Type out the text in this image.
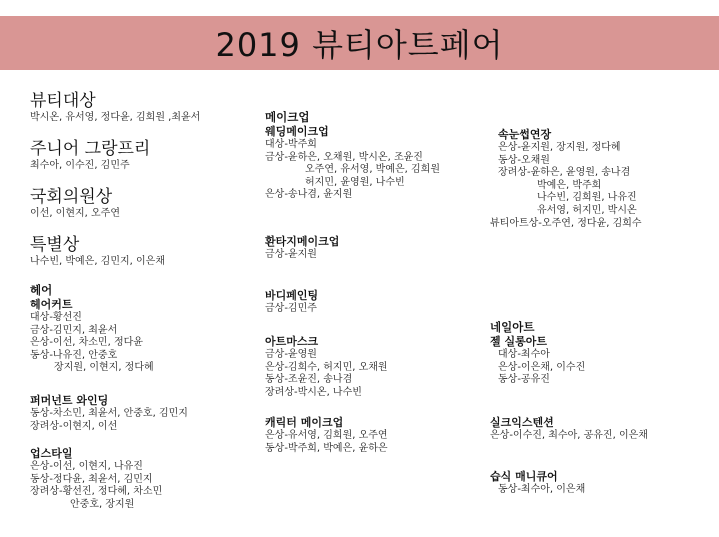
2019 뷰티아트페어
뷰티대상
박시온, 유서영, 정다윤, 김희원 ,최윤서
주니어 그랑프리
최수아, 이수진, 김민주
국회의원상
이선, 이현지, 오주연
특별상
나수빈, 박예은, 김민지, 이은채
헤어
헤어커트
대상-황선진
금상-김민지, 최윤서
은상-이선, 차소민, 정다윤
동상-나유진, 안중호
장지원, 이현지, 정다혜
퍼머넌트 와인딩
동상-차소민, 최윤서, 안중호, 김민지
장려상-이현지, 이선
업스타일
은상-이선, 이현지, 나유진
동상-정다윤, 최윤서, 김민지
장려상-황선진, 정다혜, 차소민
안중호, 장지원
메이크업
웨딩메이크업
대상-박주희
금상-윤하은, 오채원, 박시온, 조윤진
오주연, 유서영, 박예은, 김희원
허지민, 윤영원, 나수빈
은상-송나겸, 윤지원
환타지메이크업
금상-윤지원
바디페인팅
금상-김민주
아트마스크
금상-윤영원
은상-김희수, 허지민, 오채원
동상-조윤진, 송나겸
장려상-박시온, 나수빈
캐릭터 메이크업
은상-유서영, 김희원, 오주연
동상-박주희, 박예은, 윤하은
속눈썹연장
은상-윤지원, 장지원, 정다혜
동상-오채원
장려상-윤하은, 윤영원, 송나겸
박예은, 박주희
나수빈, 김희원, 나유진
유서영, 허지민, 박시온
뷰티아트상-오주연, 정다윤, 김희수
네일아트
젤 실롱아트
대상-최수아
은상-이은채, 이수진
동상-공유진
실크익스텐션
은상-이수진, 최수아, 공유진, 이은채
습식 매니큐어
동상-최수아, 이은채
